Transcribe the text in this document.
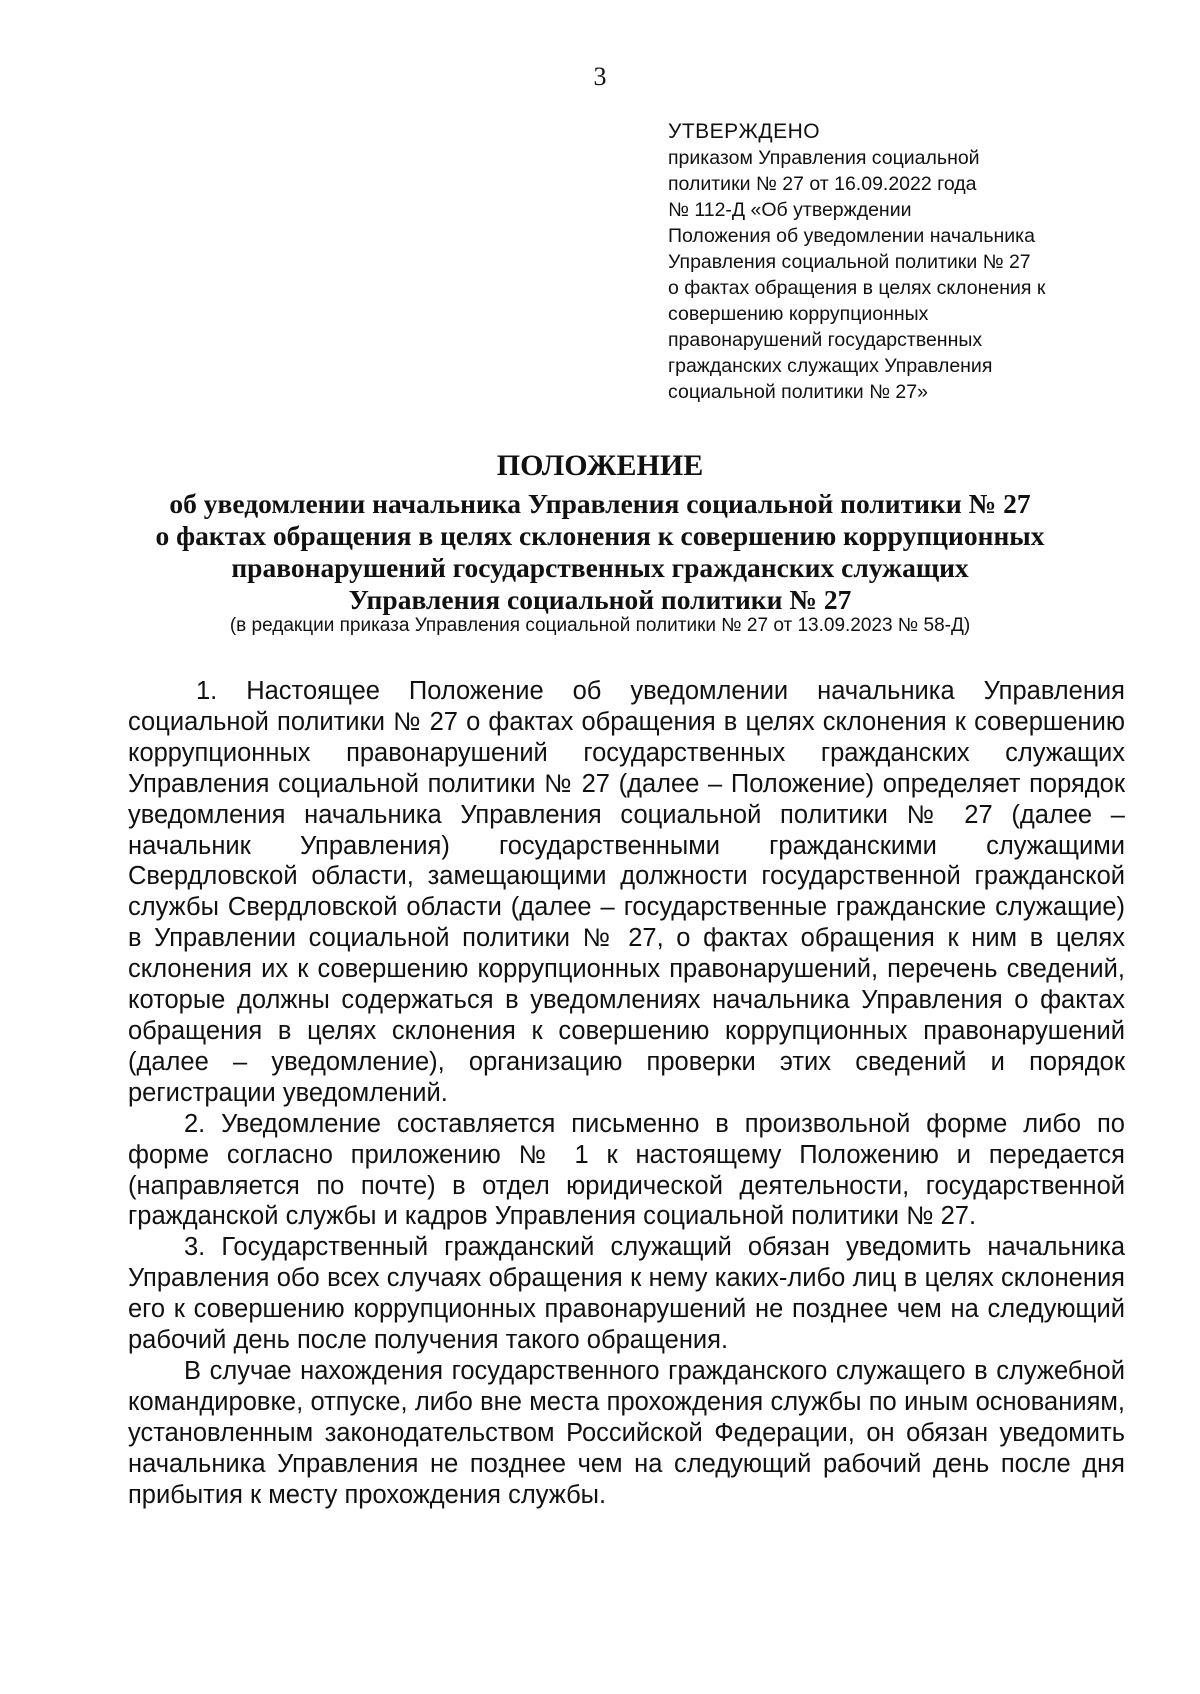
3
УТВЕРЖДЕНО
приказом Управления социальной
политики № 27 от 16.09.2022 года
№ 112-Д «Об утверждении
Положения об уведомлении начальника
Управления социальной политики № 27
о фактах обращения в целях склонения к
совершению коррупционных
правонарушений государственных
гражданских служащих Управления
социальной политики № 27»
ПОЛОЖЕНИЕ
об уведомлении начальника Управления социальной политики № 27
о фактах обращения в целях склонения к совершению коррупционных
правонарушений государственных гражданских служащих
Управления социальной политики № 27
(в редакции приказа Управления социальной политики № 27 от 13.09.2023 № 58-Д)

1. Настоящее Положение об уведомлении начальника Управления социальной политики № 27 о фактах обращения в целях склонения к совершению коррупционных правонарушений государственных гражданских служащих Управления социальной политики № 27 (далее – Положение) определяет порядок уведомления начальника Управления социальной политики № 27 (далее – начальник Управления) государственными гражданскими служащими Свердловской области, замещающими должности государственной гражданской службы Свердловской области (далее – государственные гражданские служащие) в Управлении социальной политики № 27, о фактах обращения к ним в целях склонения их к совершению коррупционных правонарушений, перечень сведений, которые должны содержаться в уведомлениях начальника Управления о фактах обращения в целях склонения к совершению коррупционных правонарушений (далее – уведомление), организацию проверки этих сведений и порядок регистрации уведомлений.

2. Уведомление составляется письменно в произвольной форме либо по форме согласно приложению № 1 к настоящему Положению и передается (направляется по почте) в отдел юридической деятельности, государственной гражданской службы и кадров Управления социальной политики № 27.

3. Государственный гражданский служащий обязан уведомить начальника Управления обо всех случаях обращения к нему каких-либо лиц в целях склонения его к совершению коррупционных правонарушений не позднее чем на следующий рабочий день после получения такого обращения.

В случае нахождения государственного гражданского служащего в служебной командировке, отпуске, либо вне места прохождения службы по иным основаниям, установленным законодательством Российской Федерации, он обязан уведомить начальника Управления не позднее чем на следующий рабочий день после дня прибытия к месту прохождения службы.
